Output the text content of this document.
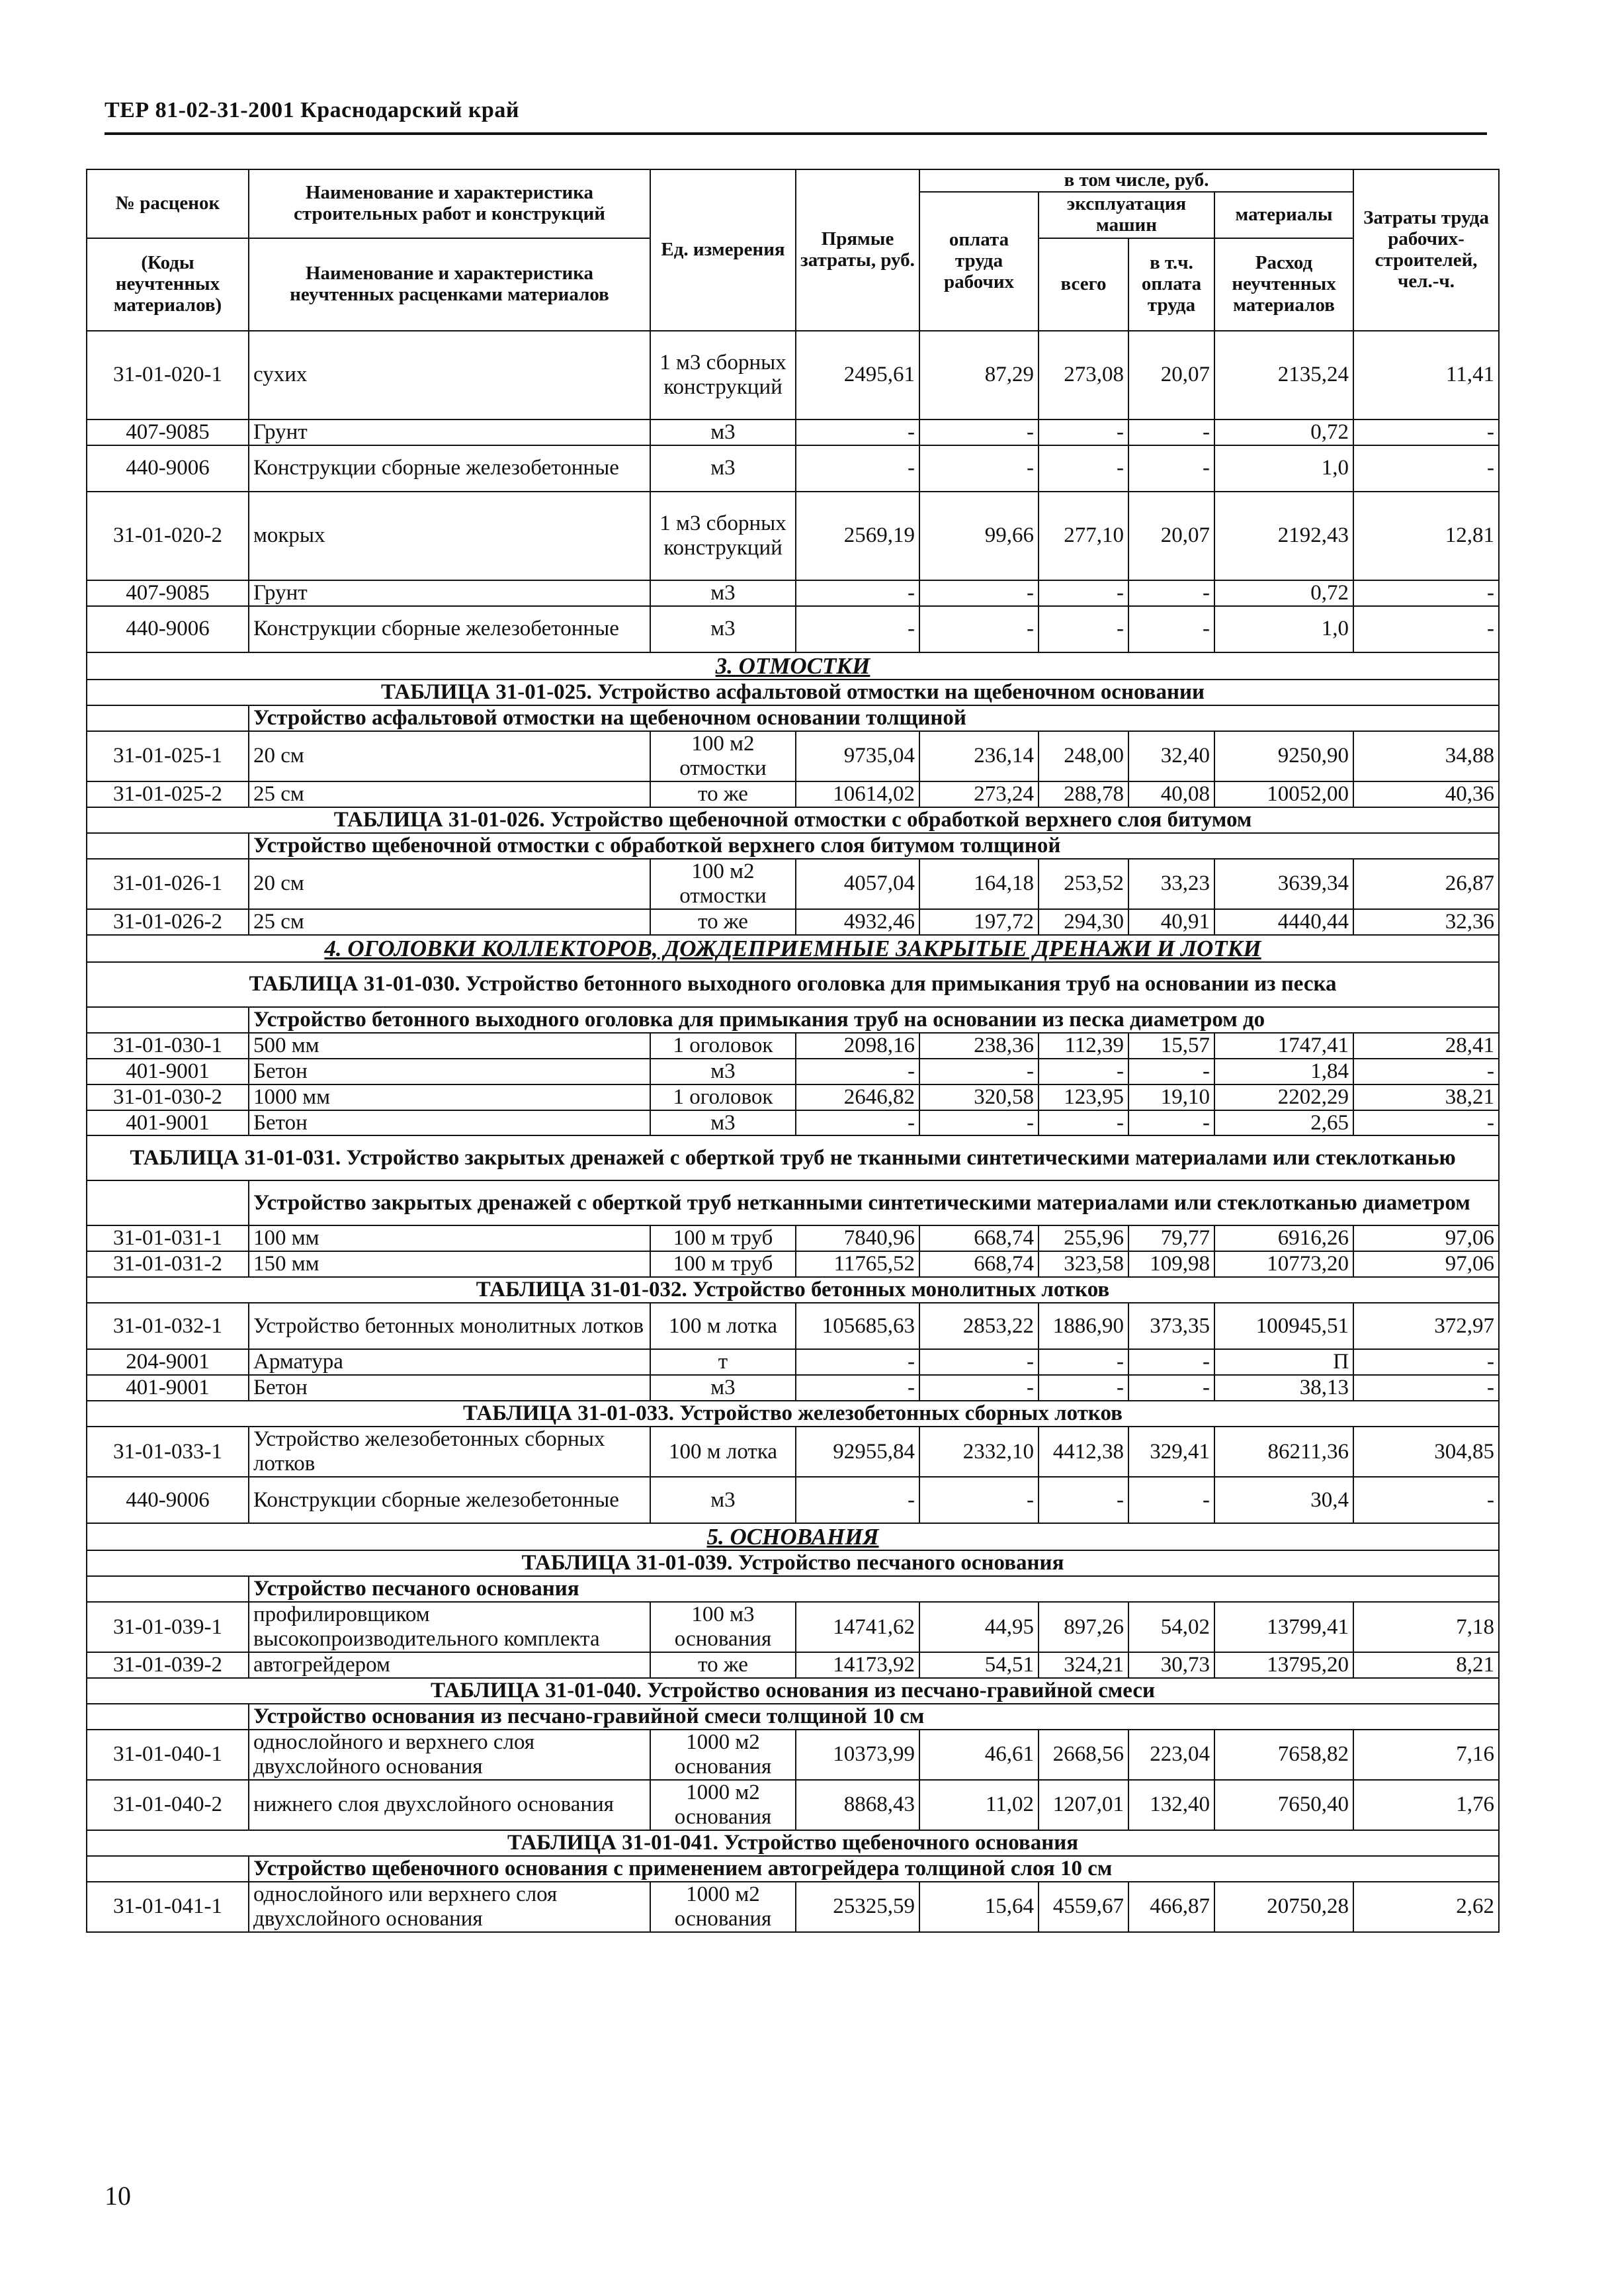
ТЕР 81-02-31-2001 Краснодарский край
№ расценок	Наименование и характеристика строительных работ и конструкций	Ед. измерения	Прямые затраты, руб.	в том числе, руб.				Затраты труда рабочих-строителей, чел.-ч.
				оплата труда рабочих	эксплуатация машин		материалы	

(Коды неучтенных материалов)	Наименование и характеристика неучтенных расценками материалов				всего	в т.ч. оплата труда	Расход неучтенных материалов	

31-01-020-1	сухих	1 м3 сборных конструкций	2495,61	87,29	273,08	20,07	2135,24	11,41
407-9085	Грунт	м3	-	-	-	-	0,72	-
440-9006	Конструкции сборные железобетонные	м3	-	-	-	-	1,0	-
31-01-020-2	мокрых	1 м3 сборных конструкций	2569,19	99,66	277,10	20,07	2192,43	12,81
407-9085	Грунт	м3	-	-	-	-	0,72	-
440-9006	Конструкции сборные железобетонные	м3	-	-	-	-	1,0	-
3. ОТМОСТКИ								
ТАБЛИЦА 31-01-025. Устройство асфальтовой отмостки на щебеночном основании								
	Устройство асфальтовой отмостки на щебеночном основании толщиной							
31-01-025-1	20 см	100 м2 отмостки	9735,04	236,14	248,00	32,40	9250,90	34,88
31-01-025-2	25 см	то же	10614,02	273,24	288,78	40,08	10052,00	40,36
ТАБЛИЦА 31-01-026. Устройство щебеночной отмостки с обработкой верхнего слоя битумом								
	Устройство щебеночной отмостки с обработкой верхнего слоя битумом толщиной							
31-01-026-1	20 см	100 м2 отмостки	4057,04	164,18	253,52	33,23	3639,34	26,87
31-01-026-2	25 см	то же	4932,46	197,72	294,30	40,91	4440,44	32,36
4. ОГОЛОВКИ КОЛЛЕКТОРОВ, ДОЖДЕПРИЕМНЫЕ ЗАКРЫТЫЕ ДРЕНАЖИ И ЛОТКИ								
ТАБЛИЦА 31-01-030. Устройство бетонного выходного оголовка для примыкания труб на основании из песка								
	Устройство бетонного выходного оголовка для примыкания труб на основании из песка диаметром до							
31-01-030-1	500 мм	1 оголовок	2098,16	238,36	112,39	15,57	1747,41	28,41
401-9001	Бетон	м3	-	-	-	-	1,84	-
31-01-030-2	1000 мм	1 оголовок	2646,82	320,58	123,95	19,10	2202,29	38,21
401-9001	Бетон	м3	-	-	-	-	2,65	-
ТАБЛИЦА 31-01-031. Устройство закрытых дренажей с оберткой труб не тканными синтетическими материалами или стеклотканью								
	Устройство закрытых дренажей с оберткой труб нетканными синтетическими материалами или стеклотканью диаметром							
31-01-031-1	100 мм	100 м труб	7840,96	668,74	255,96	79,77	6916,26	97,06
31-01-031-2	150 мм	100 м труб	11765,52	668,74	323,58	109,98	10773,20	97,06
ТАБЛИЦА 31-01-032. Устройство бетонных монолитных лотков								
31-01-032-1	Устройство бетонных монолитных лотков	100 м лотка	105685,63	2853,22	1886,90	373,35	100945,51	372,97
204-9001	Арматура	т	-	-	-	-	П	-
401-9001	Бетон	м3	-	-	-	-	38,13	-
ТАБЛИЦА 31-01-033. Устройство железобетонных сборных лотков								
31-01-033-1	Устройство железобетонных сборных лотков	100 м лотка	92955,84	2332,10	4412,38	329,41	86211,36	304,85
440-9006	Конструкции сборные железобетонные	м3	-	-	-	-	30,4	-
5. ОСНОВАНИЯ								
ТАБЛИЦА 31-01-039. Устройство песчаного основания								
	Устройство песчаного основания							
31-01-039-1	профилировщиком высокопроизводительного комплекта	100 м3 основания	14741,62	44,95	897,26	54,02	13799,41	7,18
31-01-039-2	автогрейдером	то же	14173,92	54,51	324,21	30,73	13795,20	8,21
ТАБЛИЦА 31-01-040. Устройство основания из песчано-гравийной смеси								
	Устройство основания из песчано-гравийной смеси толщиной 10 см							
31-01-040-1	однослойного и верхнего слоя двухслойного основания	1000 м2 основания	10373,99	46,61	2668,56	223,04	7658,82	7,16
31-01-040-2	нижнего слоя двухслойного основания	1000 м2 основания	8868,43	11,02	1207,01	132,40	7650,40	1,76
ТАБЛИЦА 31-01-041. Устройство щебеночного основания								
	Устройство щебеночного основания с применением автогрейдера толщиной слоя 10 см							
31-01-041-1	однослойного или верхнего слоя двухслойного основания	1000 м2 основания	25325,59	15,64	4559,67	466,87	20750,28	2,62
10
